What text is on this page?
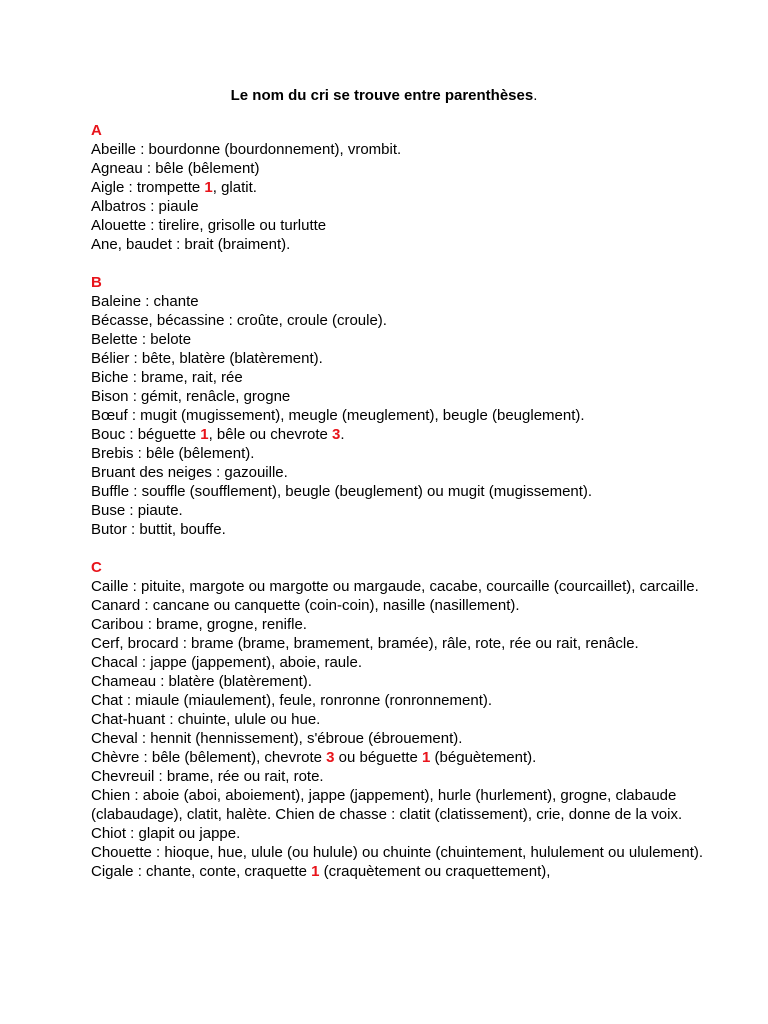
Le nom du cri se trouve entre parenthèses.
A
Abeille : bourdonne (bourdonnement), vrombit.
Agneau : bêle (bêlement)
Aigle : trompette 1, glatit.
Albatros : piaule
Alouette : tirelire, grisolle ou turlutte
Ane, baudet : brait (braiment).
B
Baleine : chante
Bécasse, bécassine : croûte, croule (croule).
Belette : belote
Bélier : bête, blatère (blatèrement).
Biche : brame, rait, rée
Bison : gémit, renâcle, grogne
Bœuf : mugit (mugissement), meugle (meuglement), beugle (beuglement).
Bouc : béguette 1, bêle ou chevrote 3.
Brebis : bêle (bêlement).
Bruant des neiges : gazouille.
Buffle : souffle (soufflement), beugle (beuglement) ou mugit (mugissement).
Buse : piaute.
Butor : buttit, bouffe.
C
Caille : pituite, margote ou margotte ou margaude, cacabe, courcaille (courcaillet), carcaille.
Canard : cancane ou canquette (coin-coin), nasille (nasillement).
Caribou : brame, grogne, renifle.
Cerf, brocard : brame (brame, bramement, bramée), râle, rote, rée ou rait, renâcle.
Chacal : jappe (jappement), aboie, raule.
Chameau : blatère (blatèrement).
Chat : miaule (miaulement), feule, ronronne (ronronnement).
Chat-huant : chuinte, ulule ou hue.
Cheval : hennit (hennissement), s'ébroue (ébrouement).
Chèvre : bêle (bêlement), chevrote 3 ou béguette 1 (béguètement).
Chevreuil : brame, rée ou rait, rote.
Chien : aboie (aboi, aboiement), jappe (jappement), hurle (hurlement), grogne, clabaude (clabaudage), clatit, halète. Chien de chasse : clatit (clatissement), crie, donne de la voix. Chiot : glapit ou jappe.
Chouette : hioque, hue, ulule (ou hulule) ou chuinte (chuintement, hululement ou ululement).
Cigale : chante, conte, craquette 1 (craquètement ou craquettement),
